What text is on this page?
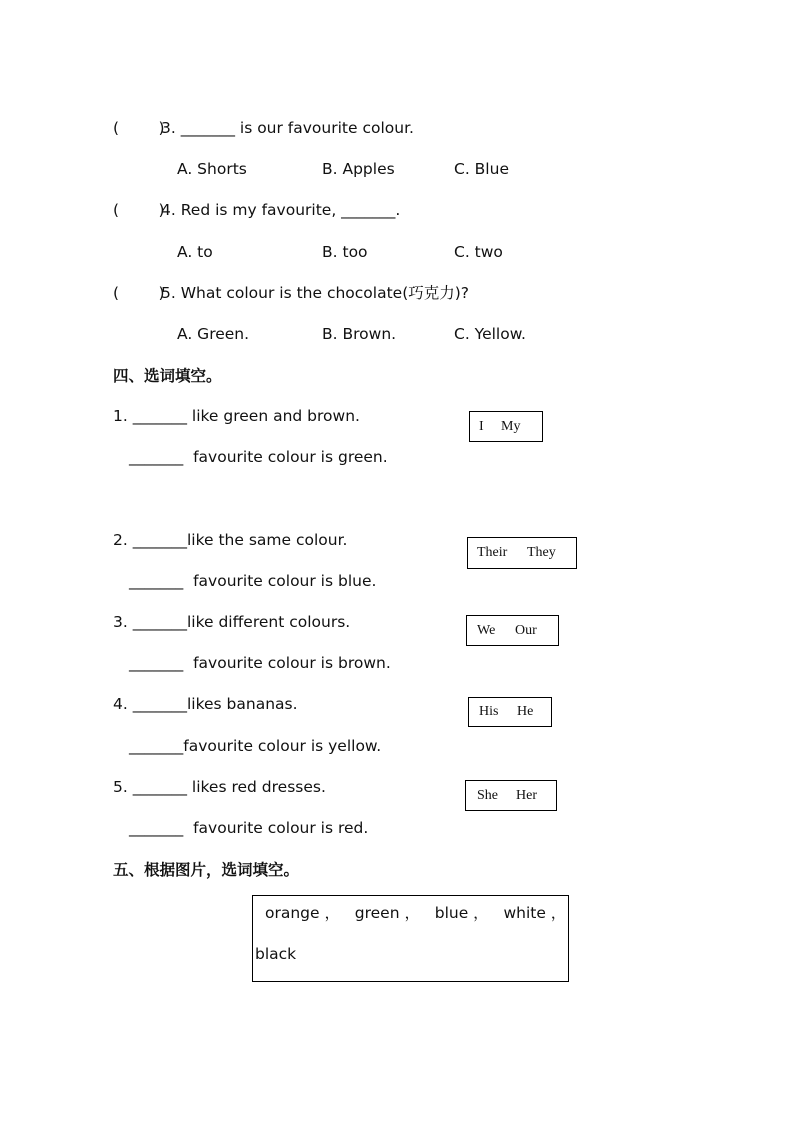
(        )
3. _______ is our favourite colour.
A. Shorts	B. Apples	C. Blue
(        )
4. Red is my favourite, _______.
A. to	B. too	C. two
(        )
5. What colour is the chocolate(巧克力)?
A. Green.	B. Brown.	C. Yellow.
四、选词填空。
1. _______ like green and brown.
_______  favourite colour is green.
I My
2. _______like the same colour.
_______  favourite colour is blue.
Their They
3. _______like different colours.
_______  favourite colour is brown.
We Our
4. _______likes bananas.
_______favourite colour is yellow.
His He
5. _______ likes red dresses.
_______  favourite colour is red.
She Her
五、根据图片，选词填空。
orange ，   green ，   blue ，   white ，
black
